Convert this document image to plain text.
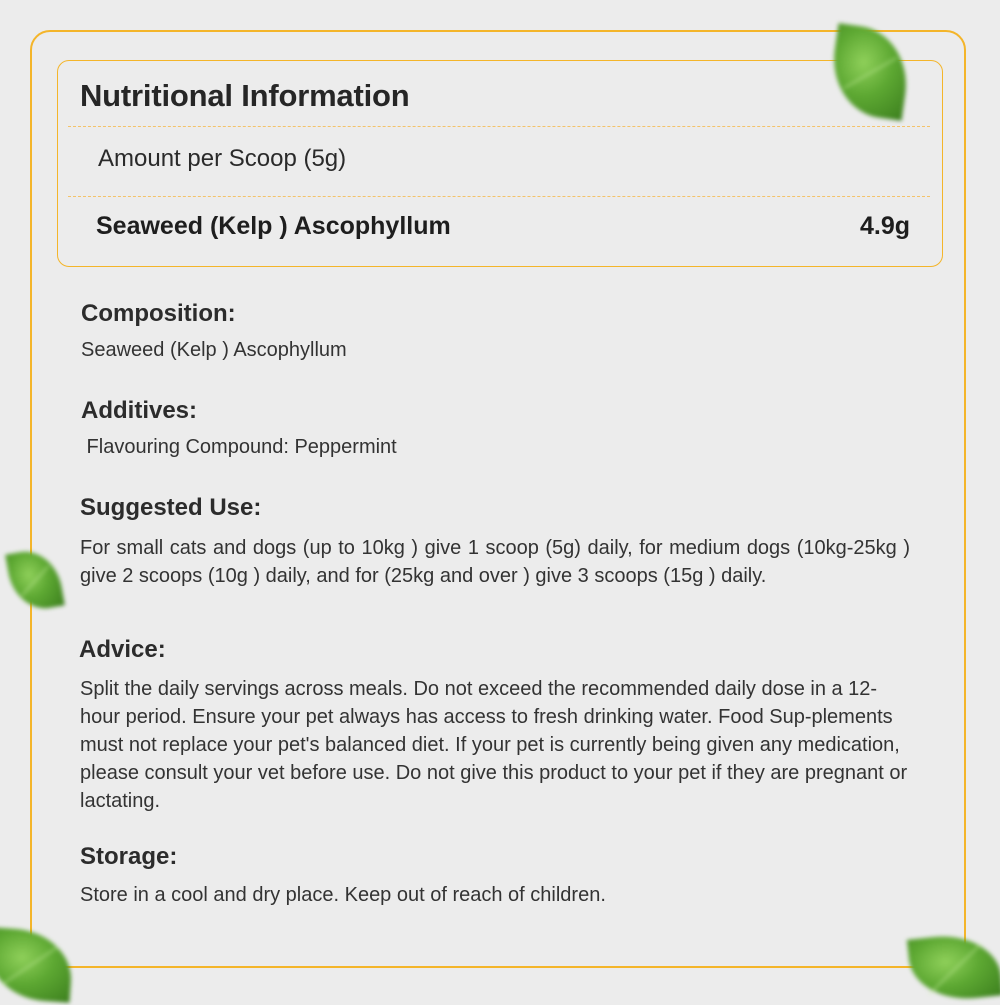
Nutritional Information
Amount per Scoop (5g)
Seaweed (Kelp ) Ascophyllum	4.9g
Composition:
Seaweed (Kelp ) Ascophyllum
Additives:
Flavouring Compound: Peppermint
Suggested Use:
For small cats and dogs (up to 10kg ) give 1 scoop (5g) daily, for medium dogs (10kg-25kg ) give 2 scoops (10g ) daily, and for (25kg and over ) give 3 scoops (15g ) daily.
Advice:
Split the daily servings across meals. Do not exceed the recommended daily dose in a 12-hour period. Ensure your pet always has access to fresh drinking water. Food Sup-plements must not replace your pet's balanced diet. If your pet is currently being given any medication, please consult your vet before use. Do not give this product to your pet if they are pregnant or lactating.
Storage:
Store in a cool and dry place. Keep out of reach of children.
